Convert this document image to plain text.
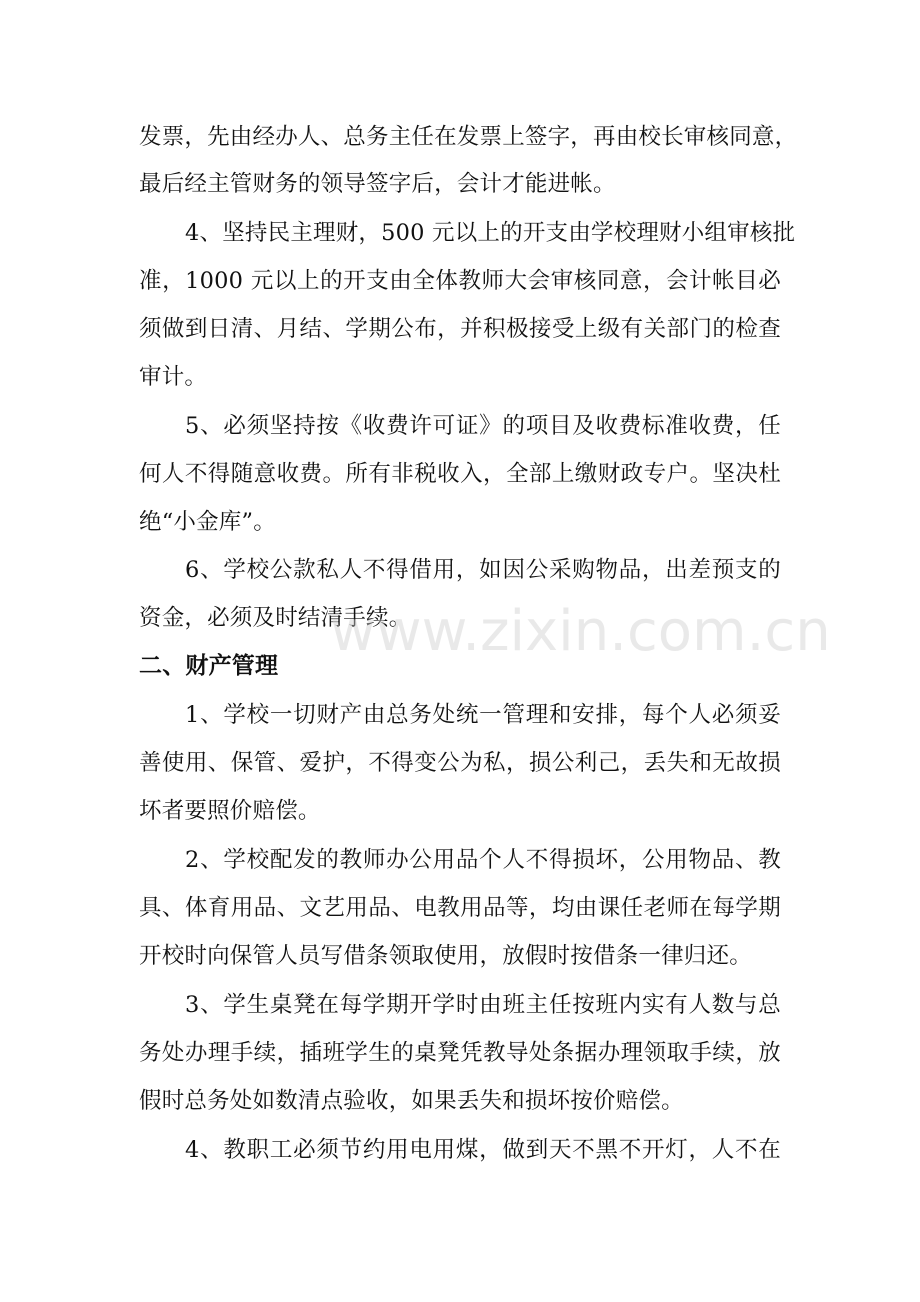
发票，先由经办人、总务主任在发票上签字，再由校长审核同意，
最后经主管财务的领导签字后，会计才能进帐。
4、坚持民主理财，500 元以上的开支由学校理财小组审核批
准，1000 元以上的开支由全体教师大会审核同意，会计帐目必
须做到日清、月结、学期公布，并积极接受上级有关部门的检查
审计。
5、必须坚持按《收费许可证》的项目及收费标准收费，任
何人不得随意收费。所有非税收入，全部上缴财政专户。坚决杜
绝“小金库”。
6、学校公款私人不得借用，如因公采购物品，出差预支的
资金，必须及时结清手续。
二、财产管理
1、学校一切财产由总务处统一管理和安排，每个人必须妥
善使用、保管、爱护，不得变公为私，损公利己，丢失和无故损
坏者要照价赔偿。
2、学校配发的教师办公用品个人不得损坏，公用物品、教
具、体育用品、文艺用品、电教用品等，均由课任老师在每学期
开校时向保管人员写借条领取使用，放假时按借条一律归还。
3、学生桌凳在每学期开学时由班主任按班内实有人数与总
务处办理手续，插班学生的桌凳凭教导处条据办理领取手续，放
假时总务处如数清点验收，如果丢失和损坏按价赔偿。
4、教职工必须节约用电用煤，做到天不黑不开灯，人不在
www.zixin.com.cn
